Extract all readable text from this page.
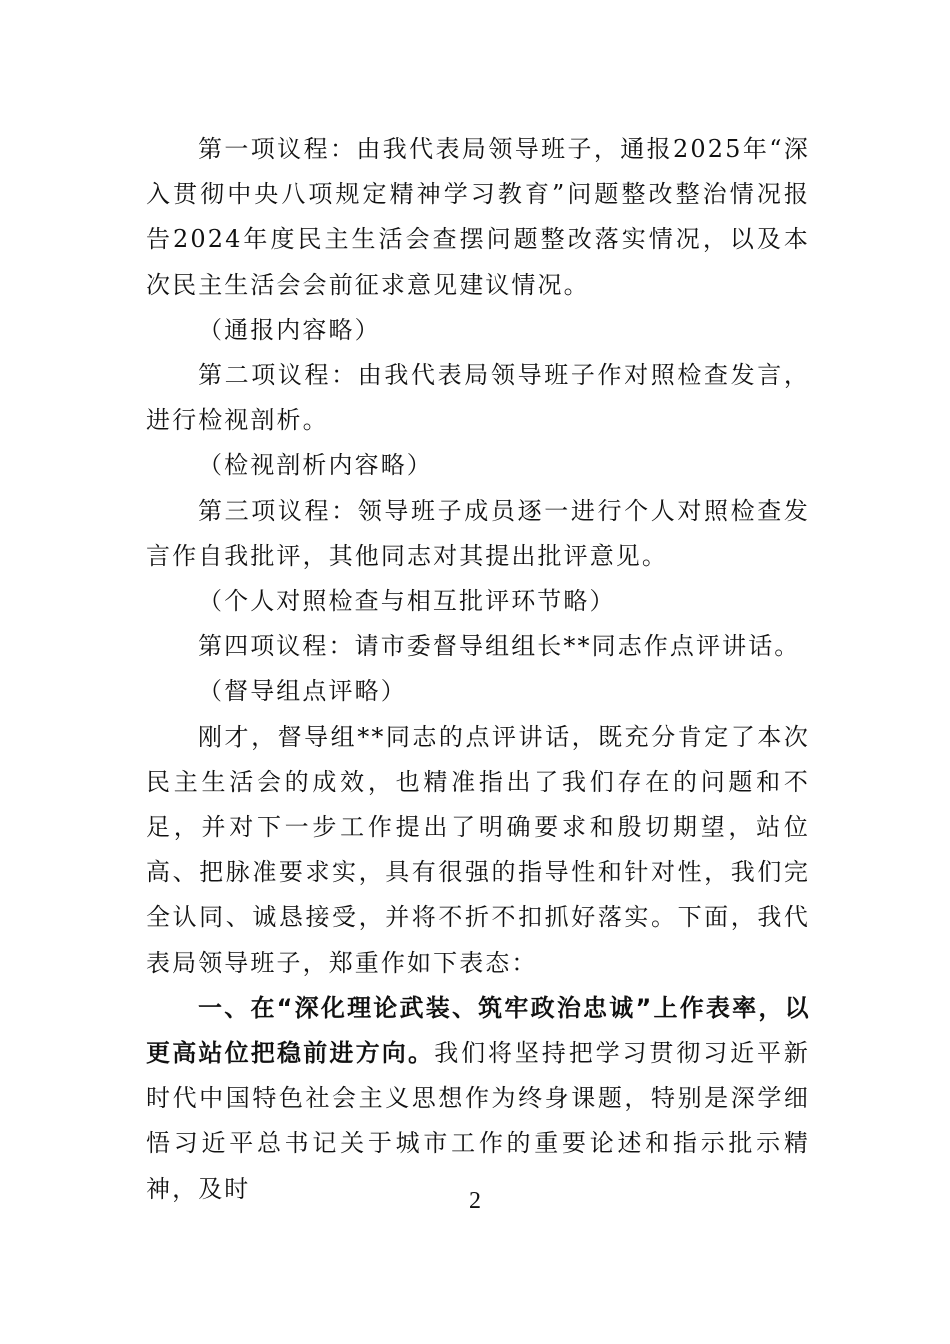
第一项议程：由我代表局领导班子，通报2025年“深入贯彻中央八项规定精神学习教育”问题整改整治情况报告2024年度民主生活会查摆问题整改落实情况，以及本次民主生活会会前征求意见建议情况。

（通报内容略）

第二项议程：由我代表局领导班子作对照检查发言，进行检视剖析。

（检视剖析内容略）

第三项议程：领导班子成员逐一进行个人对照检查发言作自我批评，其他同志对其提出批评意见。

（个人对照检查与相互批评环节略）

第四项议程：请市委督导组组长**同志作点评讲话。

（督导组点评略）

刚才，督导组**同志的点评讲话，既充分肯定了本次民主生活会的成效，也精准指出了我们存在的问题和不足，并对下一步工作提出了明确要求和殷切期望，站位高、把脉准要求实，具有很强的指导性和针对性，我们完全认同、诚恳接受，并将不折不扣抓好落实。下面，我代表局领导班子，郑重作如下表态：

一、在“深化理论武装、筑牢政治忠诚”上作表率，以更高站位把稳前进方向。我们将坚持把学习贯彻习近平新时代中国特色社会主义思想作为终身课题，特别是深学细悟习近平总书记关于城市工作的重要论述和指示批示精神，及时	2
